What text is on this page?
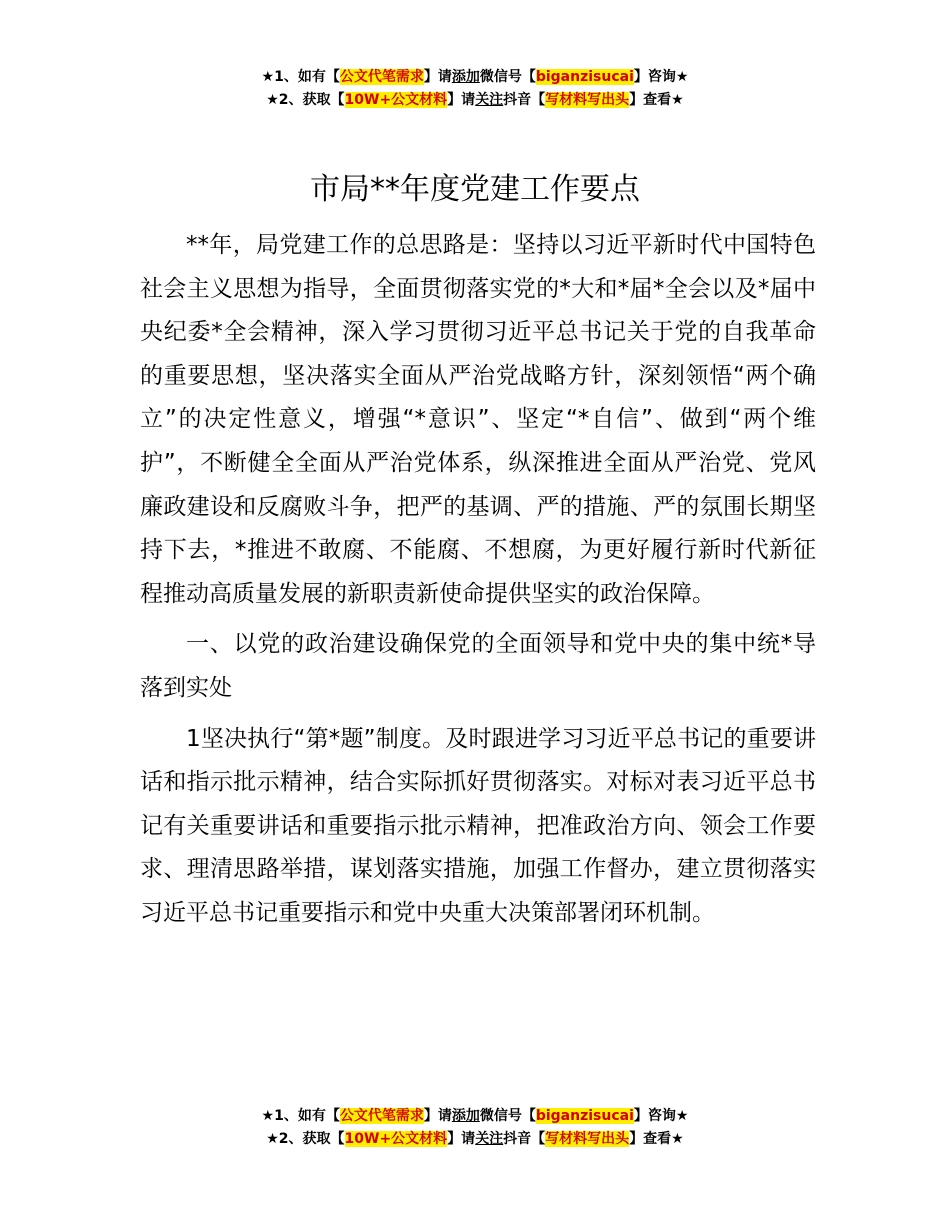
★1、如有【公文代笔需求】请添加微信号【biganzisucai】咨询★
★2、获取【10W+公文材料】请关注抖音【写材料写出头】查看★
市局**年度党建工作要点

**年，局党建工作的总思路是：坚持以习近平新时代中国特色社会主义思想为指导，全面贯彻落实党的*大和*届*全会以及*届中央纪委*全会精神，深入学习贯彻习近平总书记关于党的自我革命的重要思想，坚决落实全面从严治党战略方针，深刻领悟“两个确立”的决定性意义，增强“*意识”、坚定“*自信”、做到“两个维护”，不断健全全面从严治党体系，纵深推进全面从严治党、党风廉政建设和反腐败斗争，把严的基调、严的措施、严的氛围长期坚持下去，*推进不敢腐、不能腐、不想腐，为更好履行新时代新征程推动高质量发展的新职责新使命提供坚实的政治保障。

一、以党的政治建设确保党的全面领导和党中央的集中统*导落到实处

1坚决执行“第*题”制度。及时跟进学习习近平总书记的重要讲话和指示批示精神，结合实际抓好贯彻落实。对标对表习近平总书记有关重要讲话和重要指示批示精神，把准政治方向、领会工作要求、理清思路举措，谋划落实措施，加强工作督办，建立贯彻落实习近平总书记重要指示和党中央重大决策部署闭环机制。

★1、如有【公文代笔需求】请添加微信号【biganzisucai】咨询★
★2、获取【10W+公文材料】请关注抖音【写材料写出头】查看★
